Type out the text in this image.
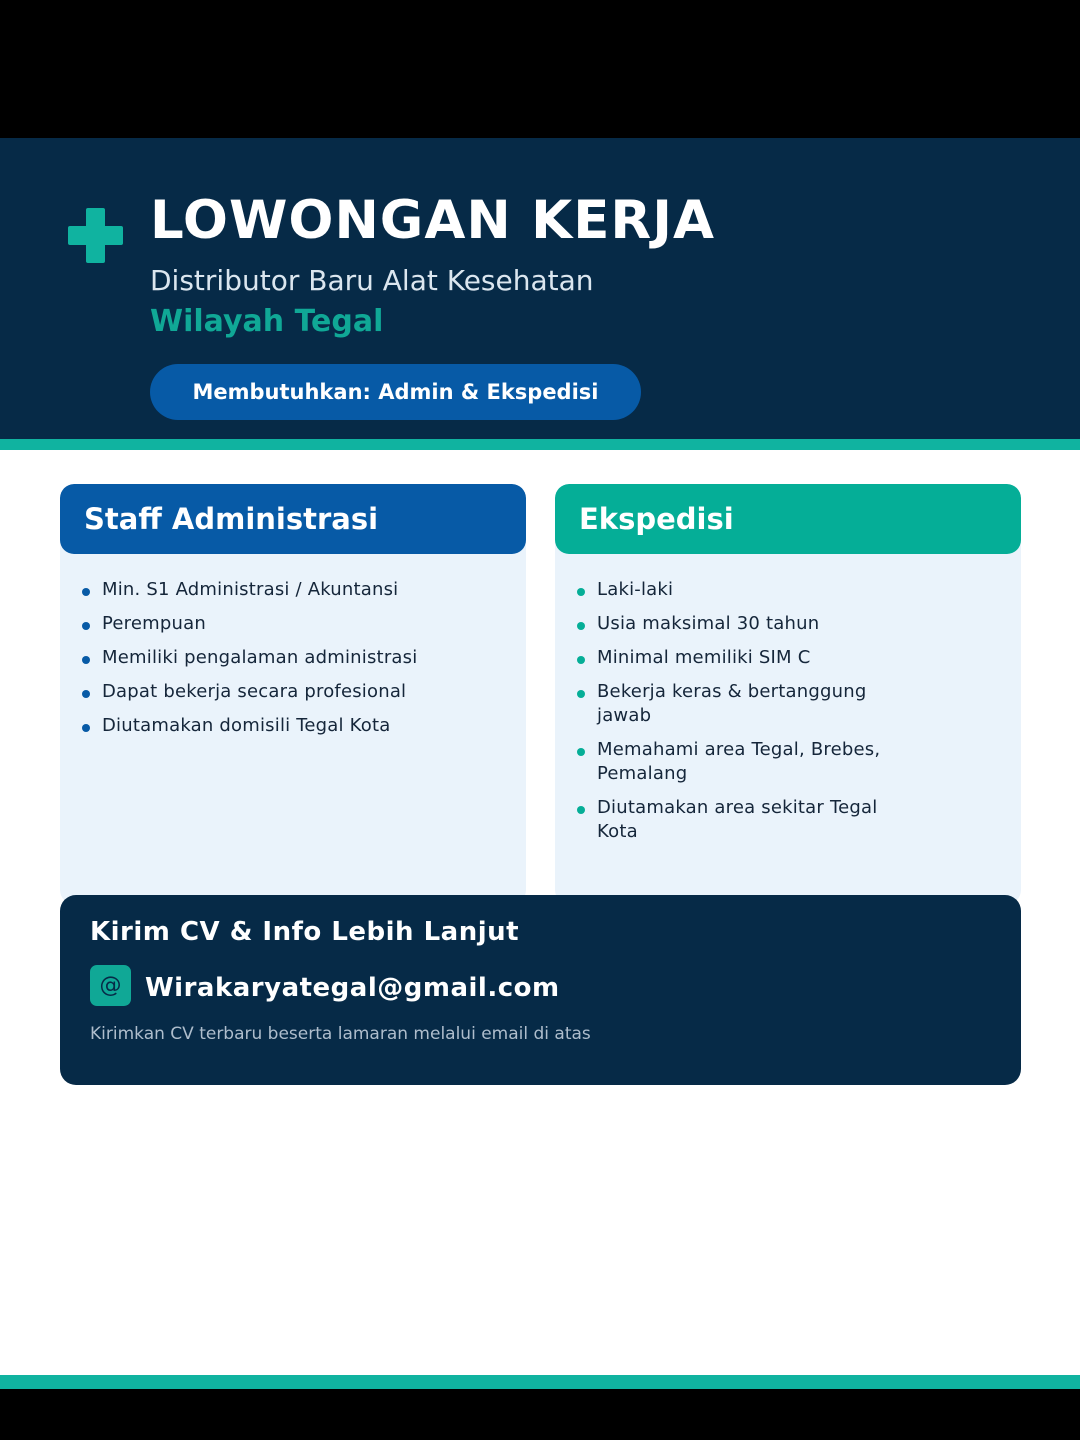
LOWONGAN KERJA
Distributor Baru Alat Kesehatan
Wilayah Tegal
Membutuhkan: Admin & Ekspedisi
Staff Administrasi
Min. S1 Administrasi / Akuntansi
Perempuan
Memiliki pengalaman administrasi
Dapat bekerja secara profesional
Diutamakan domisili Tegal Kota
Ekspedisi
Laki-laki
Usia maksimal 30 tahun
Minimal memiliki SIM C
Bekerja keras & bertanggung jawab
Memahami area Tegal, Brebes, Pemalang
Diutamakan area sekitar Tegal Kota
Kirim CV & Info Lebih Lanjut
@ Wirakaryategal@gmail.com
Kirimkan CV terbaru beserta lamaran melalui email di atas
